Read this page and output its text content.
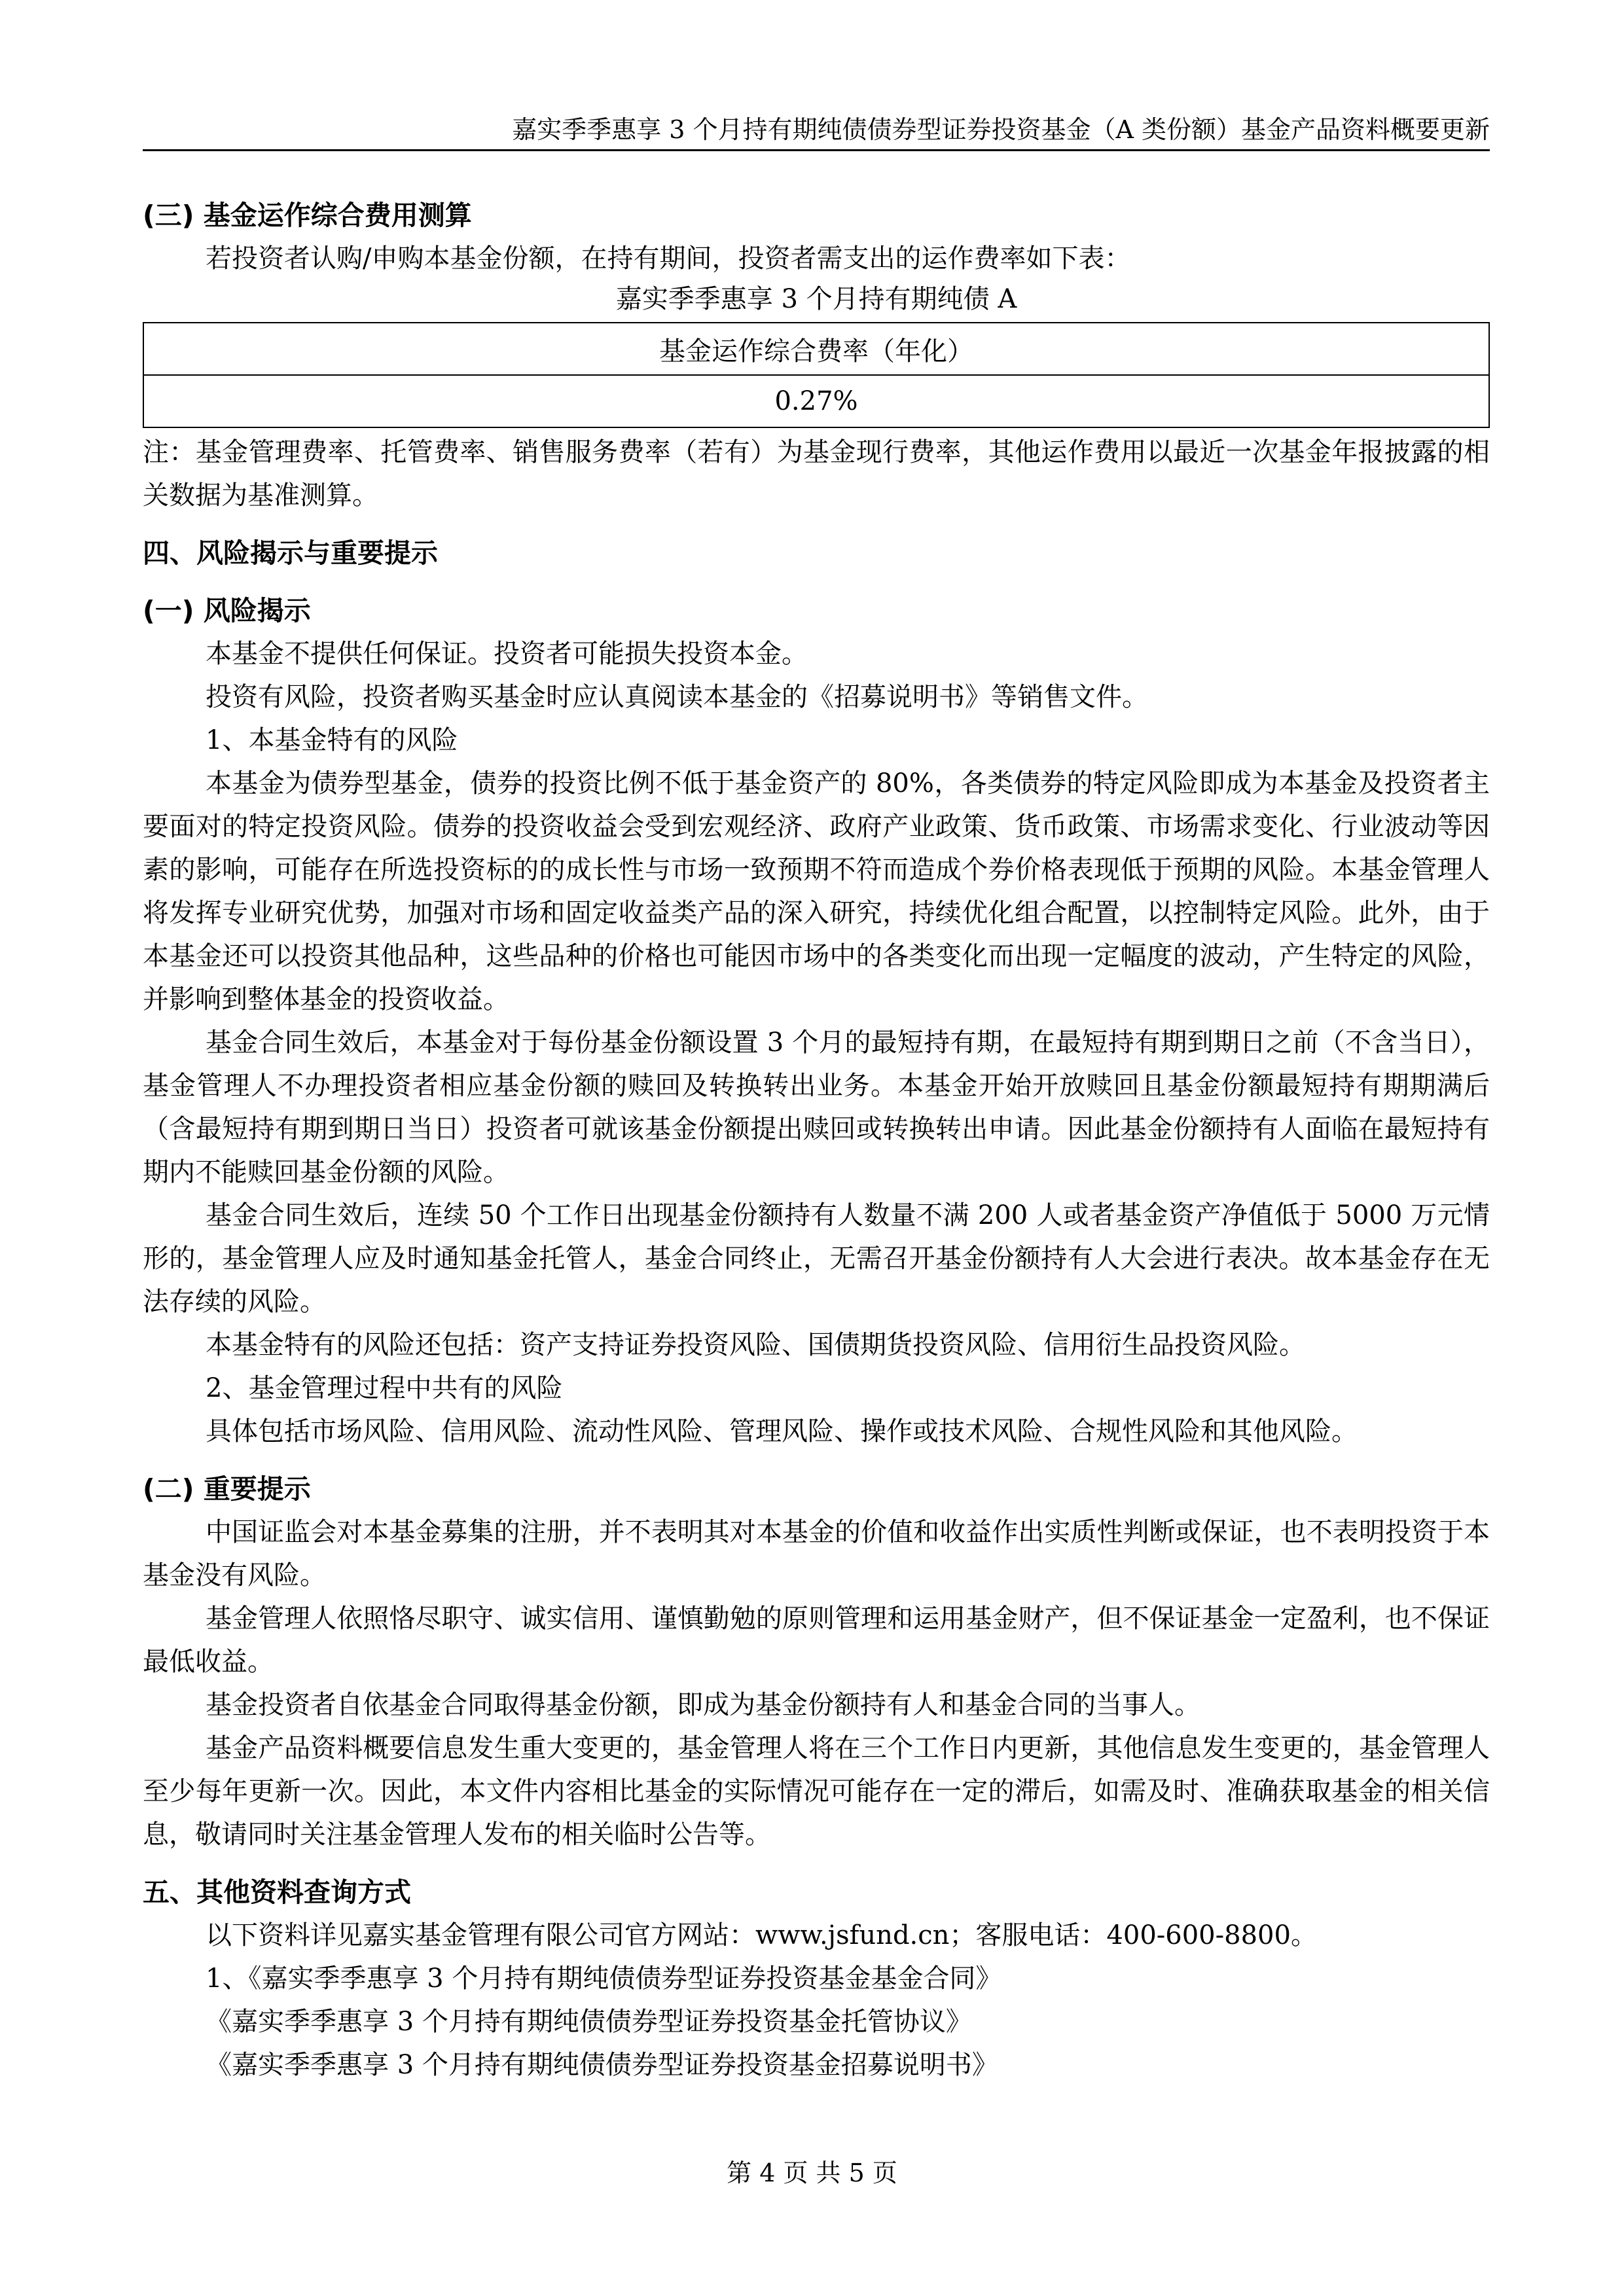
嘉实季季惠享 3 个月持有期纯债债券型证券投资基金（A 类份额）基金产品资料概要更新

(三) 基金运作综合费用测算

若投资者认购/申购本基金份额，在持有期间，投资者需支出的运作费率如下表：

嘉实季季惠享 3 个月持有期纯债 A

基金运作综合费率（年化）
0.27%

注：基金管理费率、托管费率、销售服务费率（若有）为基金现行费率，其他运作费用以最近一次基金年报披露的相关数据为基准测算。

四、风险揭示与重要提示

(一) 风险揭示

本基金不提供任何保证。投资者可能损失投资本金。

投资有风险，投资者购买基金时应认真阅读本基金的《招募说明书》等销售文件。

1、本基金特有的风险

本基金为债券型基金，债券的投资比例不低于基金资产的 80%，各类债券的特定风险即成为本基金及投资者主要面对的特定投资风险。债券的投资收益会受到宏观经济、政府产业政策、货币政策、市场需求变化、行业波动等因素的影响，可能存在所选投资标的的成长性与市场一致预期不符而造成个券价格表现低于预期的风险。本基金管理人将发挥专业研究优势，加强对市场和固定收益类产品的深入研究，持续优化组合配置，以控制特定风险。此外，由于本基金还可以投资其他品种，这些品种的价格也可能因市场中的各类变化而出现一定幅度的波动，产生特定的风险，并影响到整体基金的投资收益。

基金合同生效后，本基金对于每份基金份额设置 3 个月的最短持有期，在最短持有期到期日之前（不含当日），基金管理人不办理投资者相应基金份额的赎回及转换转出业务。本基金开始开放赎回且基金份额最短持有期期满后（含最短持有期到期日当日）投资者可就该基金份额提出赎回或转换转出申请。因此基金份额持有人面临在最短持有期内不能赎回基金份额的风险。

基金合同生效后，连续 50 个工作日出现基金份额持有人数量不满 200 人或者基金资产净值低于 5000 万元情形的，基金管理人应及时通知基金托管人，基金合同终止，无需召开基金份额持有人大会进行表决。故本基金存在无法存续的风险。

本基金特有的风险还包括：资产支持证券投资风险、国债期货投资风险、信用衍生品投资风险。

2、基金管理过程中共有的风险

具体包括市场风险、信用风险、流动性风险、管理风险、操作或技术风险、合规性风险和其他风险。

(二) 重要提示

中国证监会对本基金募集的注册，并不表明其对本基金的价值和收益作出实质性判断或保证，也不表明投资于本基金没有风险。

基金管理人依照恪尽职守、诚实信用、谨慎勤勉的原则管理和运用基金财产，但不保证基金一定盈利，也不保证最低收益。

基金投资者自依基金合同取得基金份额，即成为基金份额持有人和基金合同的当事人。

基金产品资料概要信息发生重大变更的，基金管理人将在三个工作日内更新，其他信息发生变更的，基金管理人至少每年更新一次。因此，本文件内容相比基金的实际情况可能存在一定的滞后，如需及时、准确获取基金的相关信息，敬请同时关注基金管理人发布的相关临时公告等。

五、其他资料查询方式

以下资料详见嘉实基金管理有限公司官方网站：www.jsfund.cn；客服电话：400-600-8800。

1、《嘉实季季惠享 3 个月持有期纯债债券型证券投资基金基金合同》

《嘉实季季惠享 3 个月持有期纯债债券型证券投资基金托管协议》

《嘉实季季惠享 3 个月持有期纯债债券型证券投资基金招募说明书》

第 4 页 共 5 页
